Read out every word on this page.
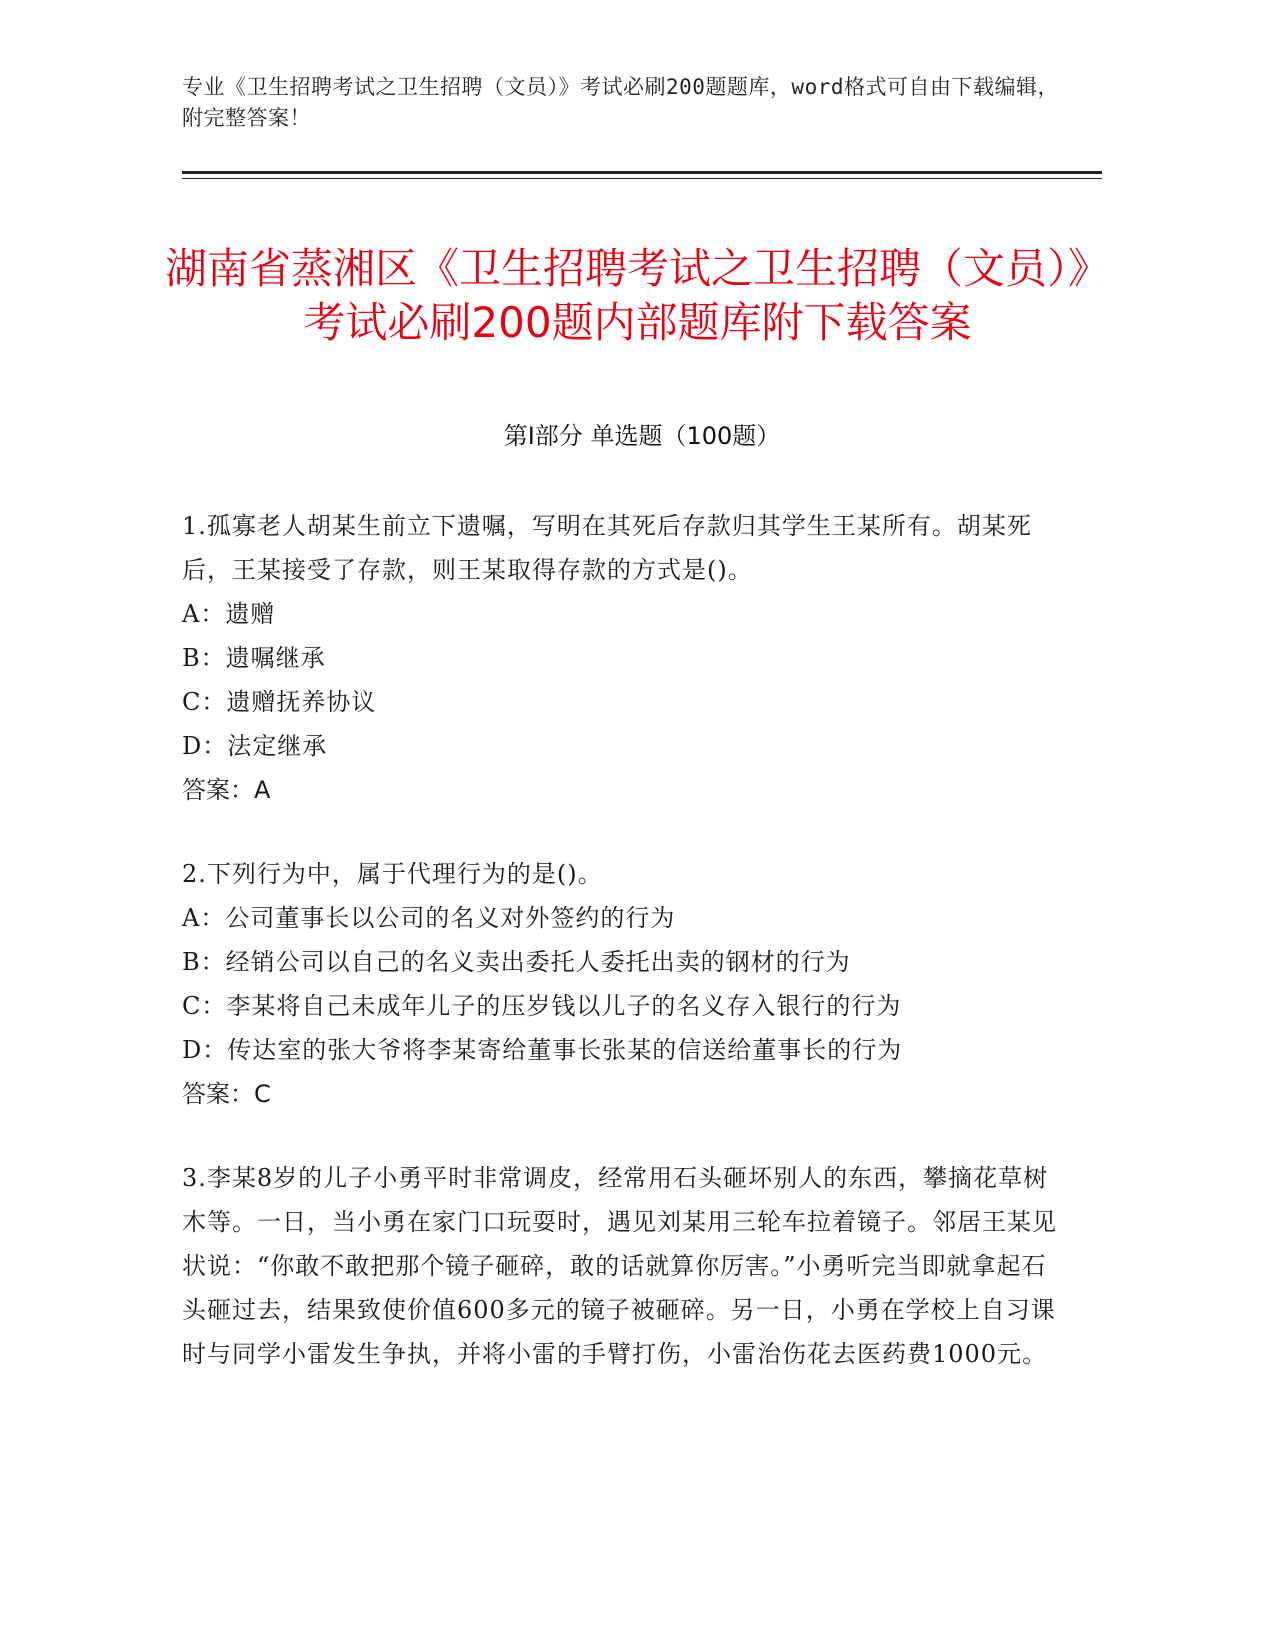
专业《卫生招聘考试之卫生招聘（文员）》考试必刷200题题库，word格式可自由下载编辑，附完整答案！
湖南省蒸湘区《卫生招聘考试之卫生招聘（文员）》考试必刷200题内部题库附下载答案
第Ⅰ部分 单选题（100题）

1.孤寡老人胡某生前立下遗嘱，写明在其死后存款归其学生王某所有。胡某死后，王某接受了存款，则王某取得存款的方式是()。

A：遗赠

B：遗嘱继承

C：遗赠抚养协议

D：法定继承

答案：A

2.下列行为中，属于代理行为的是()。

A：公司董事长以公司的名义对外签约的行为

B：经销公司以自己的名义卖出委托人委托出卖的钢材的行为

C：李某将自己未成年儿子的压岁钱以儿子的名义存入银行的行为

D：传达室的张大爷将李某寄给董事长张某的信送给董事长的行为

答案：C

3.李某8岁的儿子小勇平时非常调皮，经常用石头砸坏别人的东西，攀摘花草树木等。一日，当小勇在家门口玩耍时，遇见刘某用三轮车拉着镜子。邻居王某见状说：“你敢不敢把那个镜子砸碎，敢的话就算你厉害。”小勇听完当即就拿起石头砸过去，结果致使价值600多元的镜子被砸碎。另一日，小勇在学校上自习课时与同学小雷发生争执，并将小雷的手臂打伤，小雷治伤花去医药费1000元。
